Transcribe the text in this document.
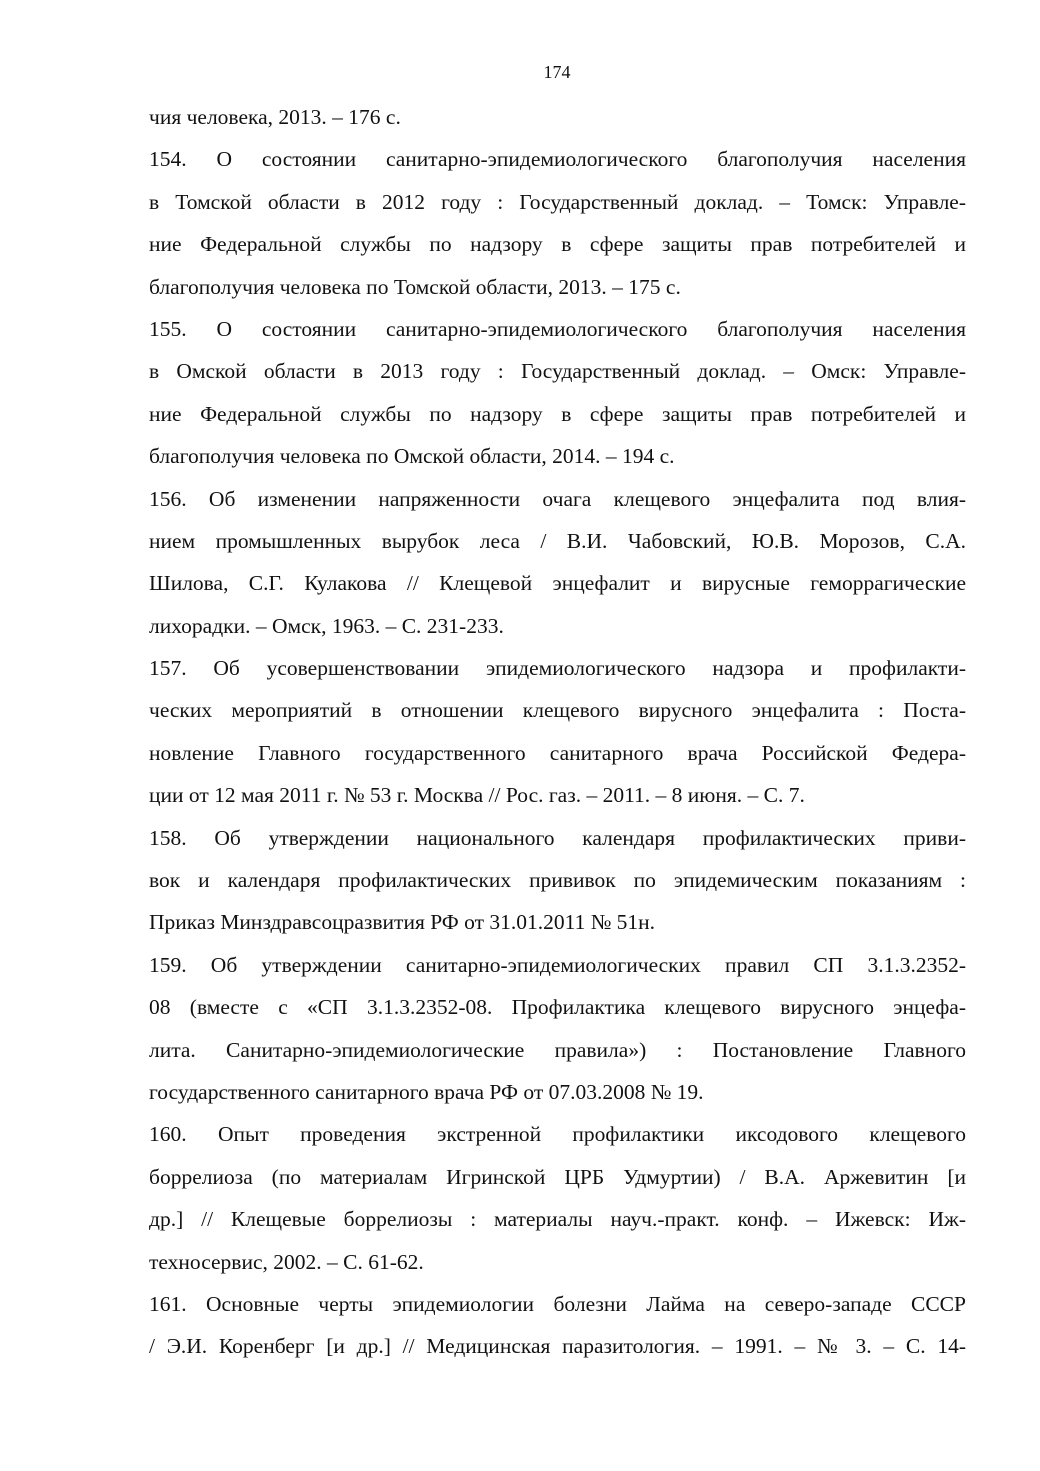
174
чия человека, 2013. – 176 с.
154. О состоянии санитарно-эпидемиологического благополучия населения
в Томской области в 2012 году : Государственный доклад. – Томск: Управле-
ние Федеральной службы по надзору в сфере защиты прав потребителей и
благополучия человека по Томской области, 2013. – 175 с.
155. О состоянии санитарно-эпидемиологического благополучия населения
в Омской области в 2013 году : Государственный доклад. – Омск: Управле-
ние Федеральной службы по надзору в сфере защиты прав потребителей и
благополучия человека по Омской области, 2014. – 194 с.
156. Об изменении напряженности очага клещевого энцефалита под влия-
нием промышленных вырубок леса / В.И. Чабовский, Ю.В. Морозов, С.А.
Шилова, С.Г. Кулакова // Клещевой энцефалит и вирусные геморрагические
лихорадки. – Омск, 1963. – С. 231-233.
157. Об усовершенствовании эпидемиологического надзора и профилакти-
ческих мероприятий в отношении клещевого вирусного энцефалита : Поста-
новление Главного государственного санитарного врача Российской Федера-
ции от 12 мая 2011 г. № 53 г. Москва // Рос. газ. – 2011. – 8 июня. – С. 7.
158. Об утверждении национального календаря профилактических приви-
вок и календаря профилактических прививок по эпидемическим показаниям :
Приказ Минздравсоцразвития РФ от 31.01.2011 № 51н.
159. Об утверждении санитарно-эпидемиологических правил СП 3.1.3.2352-
08 (вместе с «СП 3.1.3.2352-08. Профилактика клещевого вирусного энцефа-
лита. Санитарно-эпидемиологические правила») : Постановление Главного
государственного санитарного врача РФ от 07.03.2008 № 19.
160. Опыт проведения экстренной профилактики иксодового клещевого
боррелиоза (по материалам Игринской ЦРБ Удмуртии) / В.А. Аржевитин [и
др.] // Клещевые боррелиозы : материалы науч.-практ. конф. – Ижевск: Иж-
техносервис, 2002. – С. 61-62.
161. Основные черты эпидемиологии болезни Лайма на северо-западе СССР
/ Э.И. Коренберг [и др.] // Медицинская паразитология. – 1991. – № 3. – С. 14-
